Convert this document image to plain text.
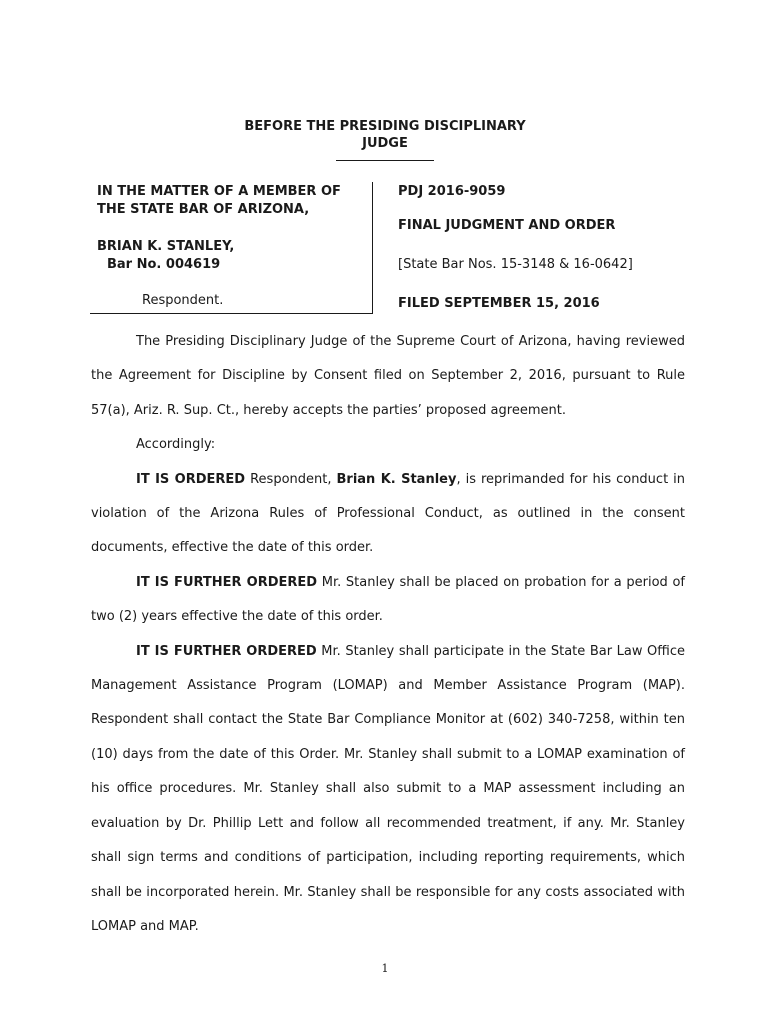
BEFORE THE PRESIDING DISCIPLINARY
JUDGE
IN THE MATTER OF A MEMBER OF
THE STATE BAR OF ARIZONA,
BRIAN K. STANLEY,
Bar No. 004619
Respondent.
PDJ 2016-9059
FINAL JUDGMENT AND ORDER
[State Bar Nos. 15-3148 & 16-0642]
FILED SEPTEMBER 15, 2016

The Presiding Disciplinary Judge of the Supreme Court of Arizona, having reviewed the Agreement for Discipline by Consent filed on September 2, 2016, pursuant to Rule 57(a), Ariz. R. Sup. Ct., hereby accepts the parties’ proposed agreement.

Accordingly:

IT IS ORDERED Respondent, Brian K. Stanley, is reprimanded for his conduct in violation of the Arizona Rules of Professional Conduct, as outlined in the consent documents, effective the date of this order.

IT IS FURTHER ORDERED Mr. Stanley shall be placed on probation for a period of two (2) years effective the date of this order.

IT IS FURTHER ORDERED Mr. Stanley shall participate in the State Bar Law Office Management Assistance Program (LOMAP) and Member Assistance Program (MAP). Respondent shall contact the State Bar Compliance Monitor at (602) 340-7258, within ten (10) days from the date of this Order. Mr. Stanley shall submit to a LOMAP examination of his office procedures. Mr. Stanley shall also submit to a MAP assessment including an evaluation by Dr. Phillip Lett and follow all recommended treatment, if any. Mr. Stanley shall sign terms and conditions of participation, including reporting requirements, which shall be incorporated herein. Mr. Stanley shall be responsible for any costs associated with LOMAP and MAP.

1
